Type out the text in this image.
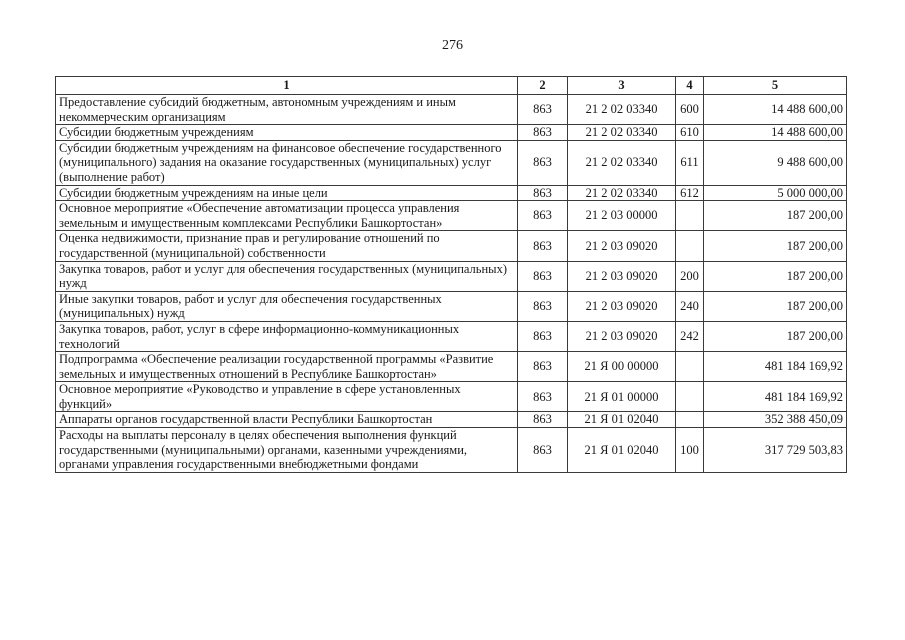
276
1	2	3	4	5
Предоставление субсидий бюджетным, автономным учреждениям и иным некоммерческим организациям	863	21 2 02 03340	600	14 488 600,00
Субсидии бюджетным учреждениям	863	21 2 02 03340	610	14 488 600,00
Субсидии бюджетным учреждениям на финансовое обеспечение государственного (муниципального) задания на оказание государственных (муниципальных) услуг (выполнение работ)	863	21 2 02 03340	611	9 488 600,00
Субсидии бюджетным учреждениям на иные цели	863	21 2 02 03340	612	5 000 000,00
Основное мероприятие «Обеспечение автоматизации процесса управления земельным и имущественным комплексами Республики Башкортостан»	863	21 2 03 00000		187 200,00
Оценка недвижимости, признание прав и регулирование отношений по государственной (муниципальной) собственности	863	21 2 03 09020		187 200,00
Закупка товаров, работ и услуг для обеспечения государственных (муниципальных) нужд	863	21 2 03 09020	200	187 200,00
Иные закупки товаров, работ и услуг для обеспечения государственных (муниципальных) нужд	863	21 2 03 09020	240	187 200,00
Закупка товаров, работ, услуг в сфере информационно-коммуникационных технологий	863	21 2 03 09020	242	187 200,00
Подпрограмма «Обеспечение реализации государственной программы «Развитие земельных и имущественных отношений в Республике Башкортостан»	863	21 Я 00 00000		481 184 169,92
Основное мероприятие «Руководство и управление в сфере установленных функций»	863	21 Я 01 00000		481 184 169,92
Аппараты органов государственной власти Республики Башкортостан	863	21 Я 01 02040		352 388 450,09
Расходы на выплаты персоналу в целях обеспечения выполнения функций государственными (муниципальными) органами, казенными учреждениями, органами управления государственными внебюджетными фондами	863	21 Я 01 02040	100	317 729 503,83
